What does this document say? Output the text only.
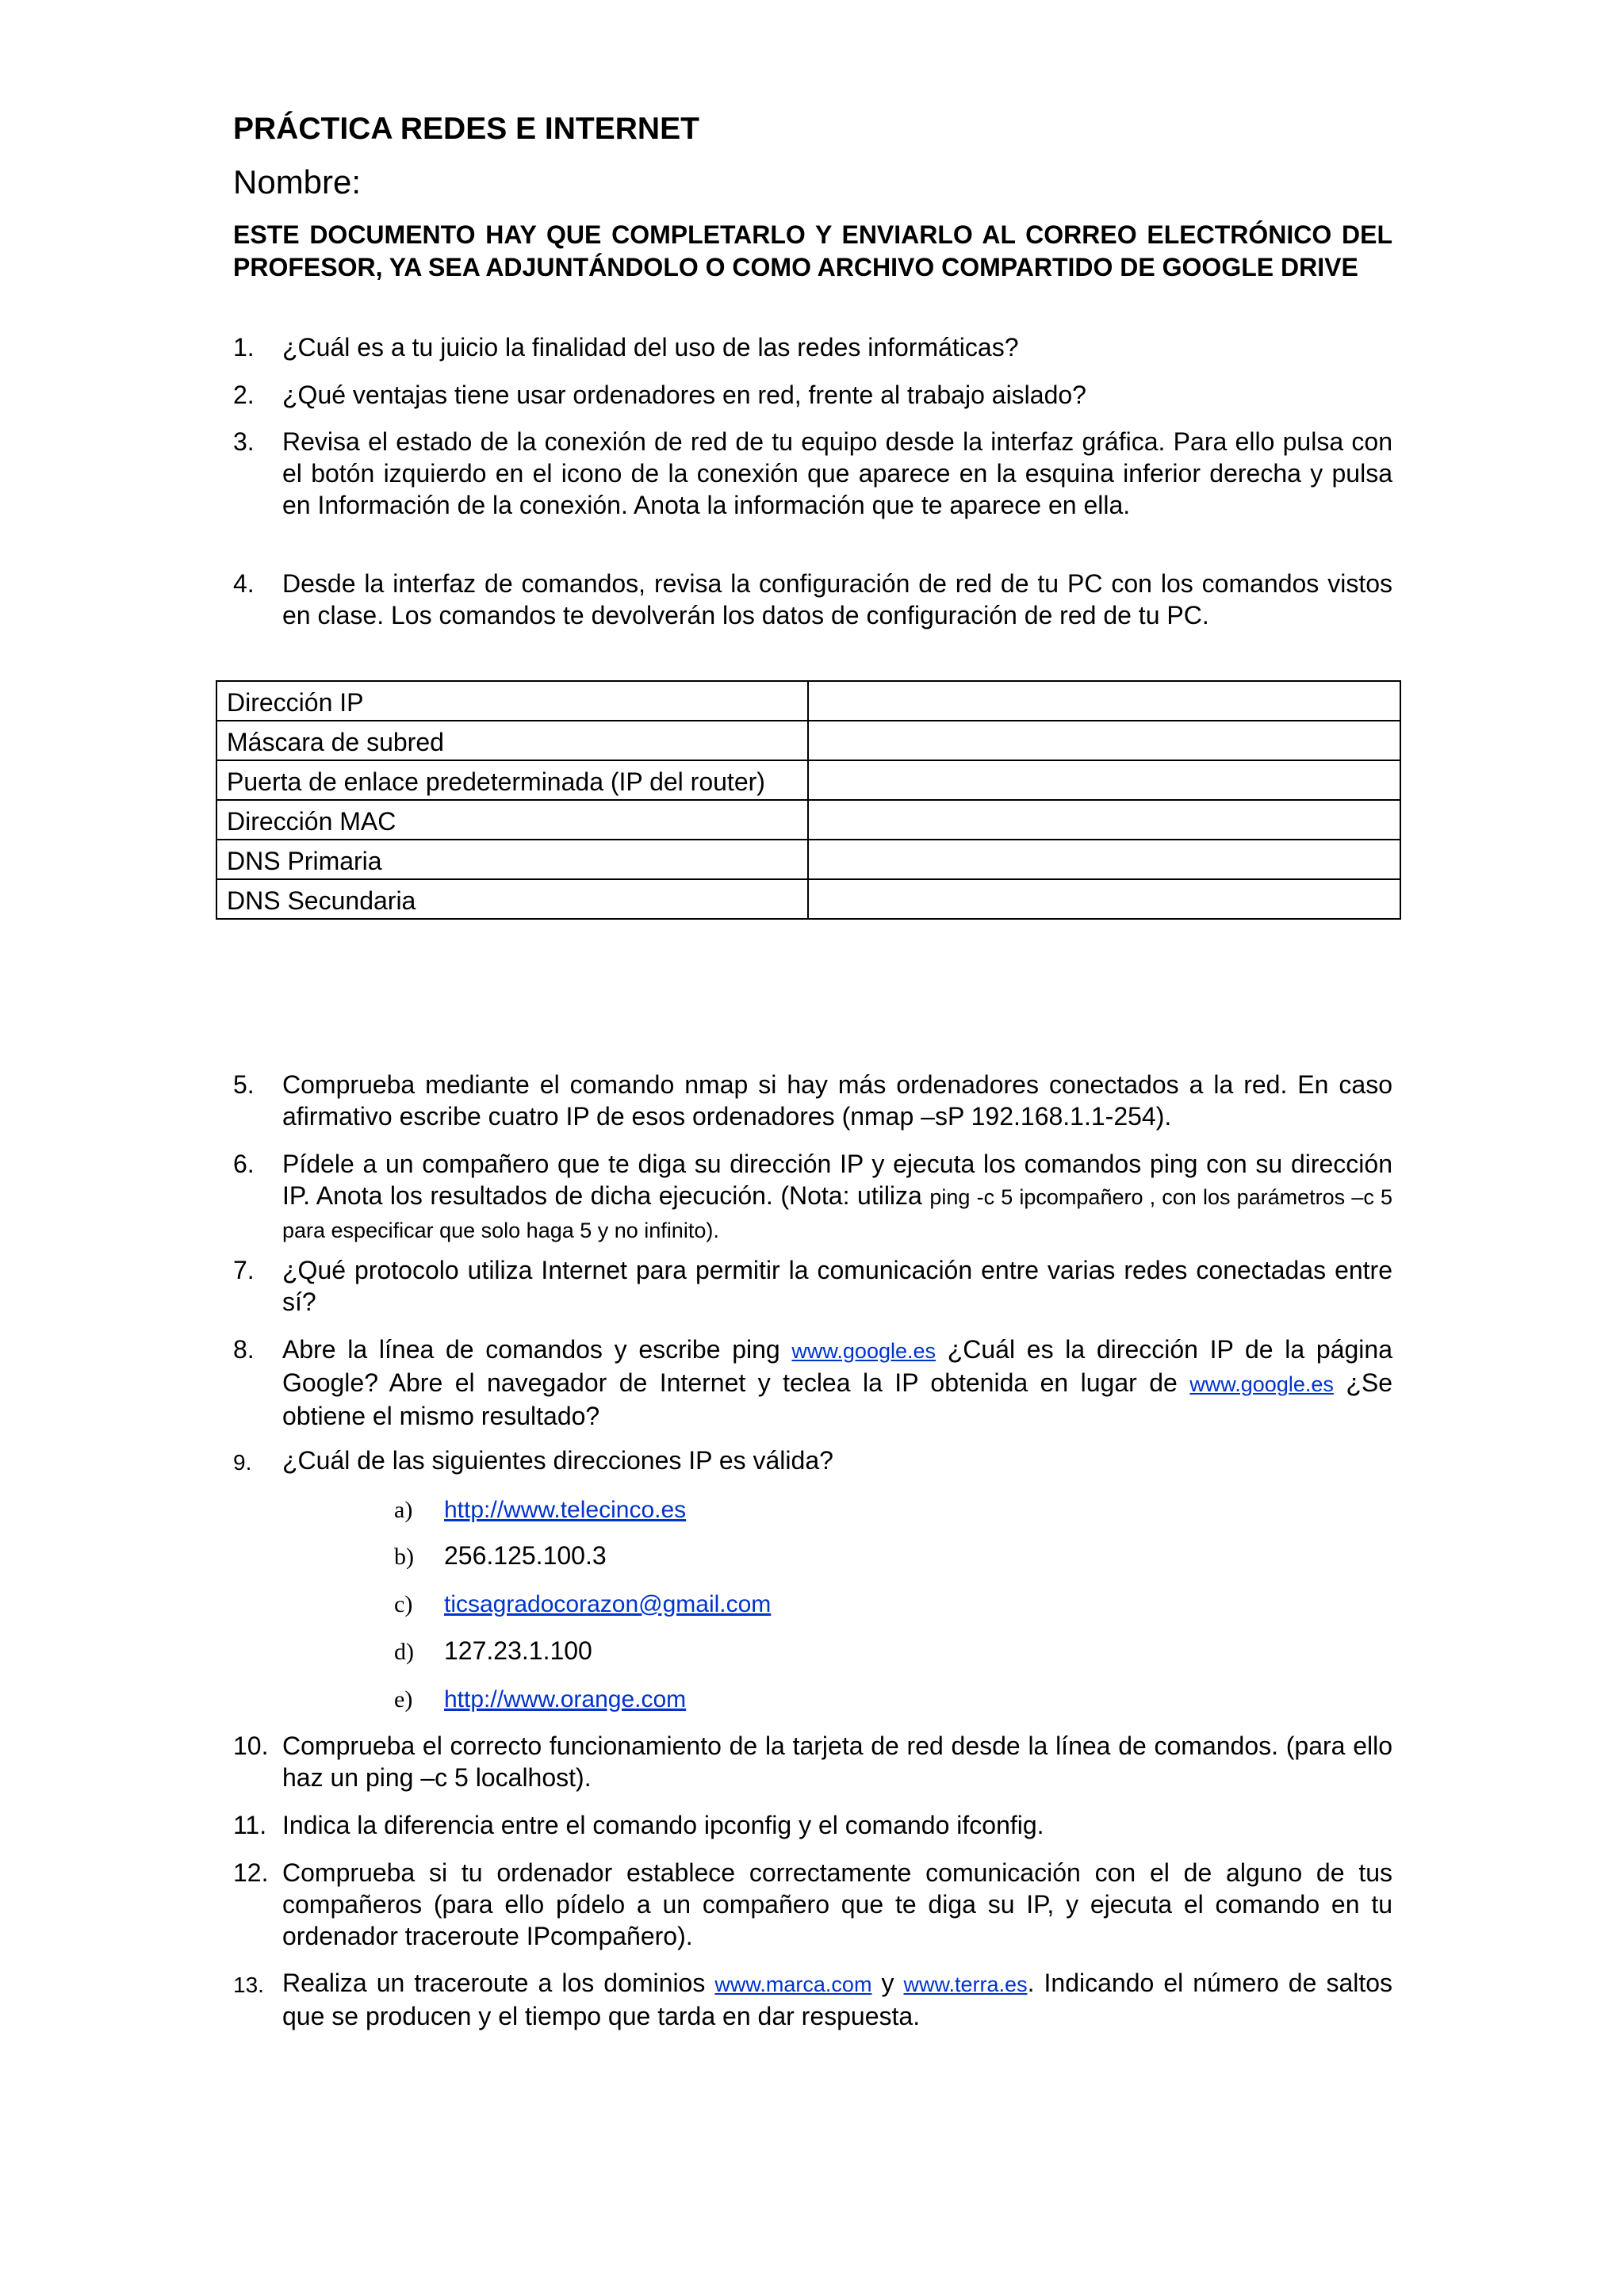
PRÁCTICA REDES E INTERNET

Nombre:

ESTE DOCUMENTO HAY QUE COMPLETARLO Y ENVIARLO AL CORREO ELECTRÓNICO DEL PROFESOR, YA SEA ADJUNTÁNDOLO O COMO ARCHIVO COMPARTIDO DE GOOGLE DRIVE

1. ¿Cuál es a tu juicio la finalidad del uso de las redes informáticas?
2. ¿Qué ventajas tiene usar ordenadores en red, frente al trabajo aislado?
3. Revisa el estado de la conexión de red de tu equipo desde la interfaz gráfica. Para ello pulsa con el botón izquierdo en el icono de la conexión que aparece en la esquina inferior derecha y pulsa en Información de la conexión. Anota la información que te aparece en ella.
4. Desde la interfaz de comandos, revisa la configuración de red de tu PC con los comandos vistos en clase. Los comandos te devolverán los datos de configuración de red de tu PC.
Dirección IP	
Máscara de subred	
Puerta de enlace predeterminada (IP del router)	
Dirección MAC	
DNS Primaria	
DNS Secundaria	
5. Comprueba mediante el comando nmap si hay más ordenadores conectados a la red. En caso afirmativo escribe cuatro IP de esos ordenadores (nmap –sP 192.168.1.1-254).
6. Pídele a un compañero que te diga su dirección IP y ejecuta los comandos ping con su dirección IP. Anota los resultados de dicha ejecución. (Nota: utiliza ping -c 5 ipcompañero , con los parámetros –c 5 para especificar que solo haga 5 y no infinito).
7. ¿Qué protocolo utiliza Internet para permitir la comunicación entre varias redes conectadas entre sí?
8. Abre la línea de comandos y escribe ping www.google.es ¿Cuál es la dirección IP de la página Google? Abre el navegador de Internet y teclea la IP obtenida en lugar de www.google.es ¿Se obtiene el mismo resultado?
9. ¿Cuál de las siguientes direcciones IP es válida?
a) http://www.telecinco.es
b) 256.125.100.3
c) ticsagradocorazon@gmail.com
d) 127.23.1.100
e) http://www.orange.com
10. Comprueba el correcto funcionamiento de la tarjeta de red desde la línea de comandos. (para ello haz un ping –c 5 localhost).
11. Indica la diferencia entre el comando ipconfig y el comando ifconfig.
12. Comprueba si tu ordenador establece correctamente comunicación con el de alguno de tus compañeros (para ello pídelo a un compañero que te diga su IP, y ejecuta el comando en tu ordenador traceroute IPcompañero).
13. Realiza un traceroute a los dominios www.marca.com y www.terra.es. Indicando el número de saltos que se producen y el tiempo que tarda en dar respuesta.
